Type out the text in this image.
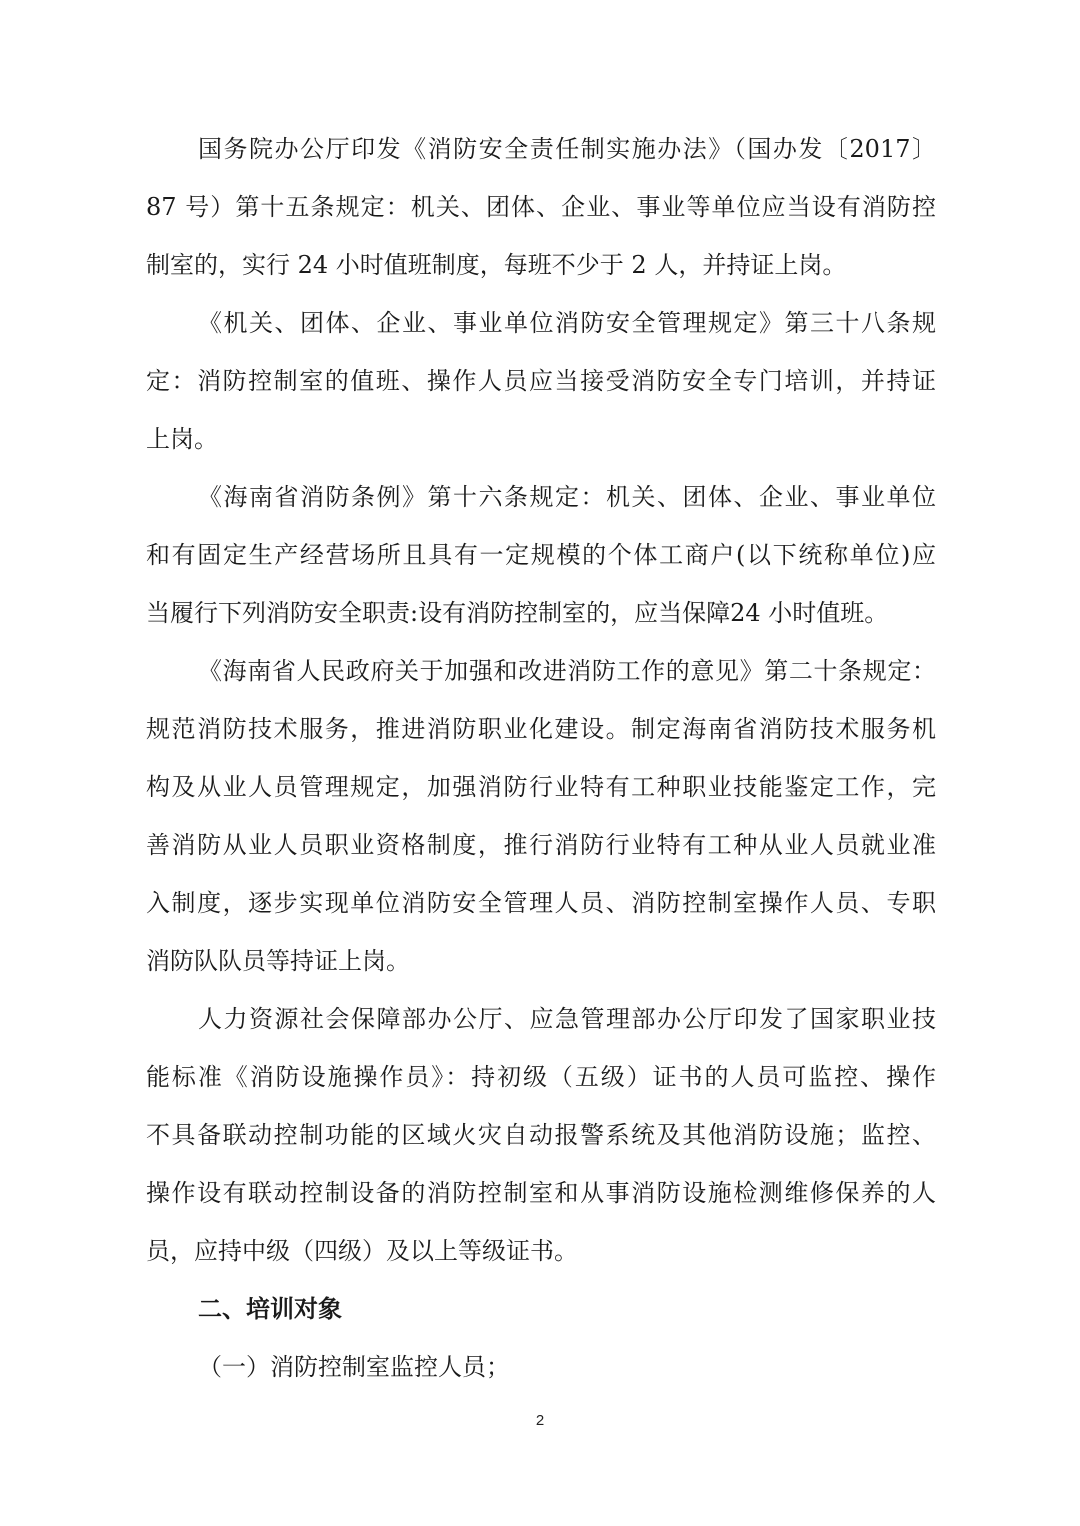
国务院办公厅印发《消防安全责任制实施办法》（国办发〔2017〕
87 号）第十五条规定：机关、团体、企业、事业等单位应当设有消防控
制室的，实行 24 小时值班制度，每班不少于 2 人，并持证上岗。
《机关、团体、企业、事业单位消防安全管理规定》第三十八条规
定：消防控制室的值班、操作人员应当接受消防安全专门培训，并持证
上岗。
《海南省消防条例》第十六条规定：机关、团体、企业、事业单位
和有固定生产经营场所且具有一定规模的个体工商户(以下统称单位)应
当履行下列消防安全职责:设有消防控制室的，应当保障24 小时值班。
《海南省人民政府关于加强和改进消防工作的意见》第二十条规定：
规范消防技术服务，推进消防职业化建设。制定海南省消防技术服务机
构及从业人员管理规定，加强消防行业特有工种职业技能鉴定工作，完
善消防从业人员职业资格制度，推行消防行业特有工种从业人员就业准
入制度，逐步实现单位消防安全管理人员、消防控制室操作人员、专职
消防队队员等持证上岗。
人力资源社会保障部办公厅、应急管理部办公厅印发了国家职业技
能标准《消防设施操作员》：持初级（五级）证书的人员可监控、操作
不具备联动控制功能的区域火灾自动报警系统及其他消防设施；监控、
操作设有联动控制设备的消防控制室和从事消防设施检测维修保养的人
员，应持中级（四级）及以上等级证书。
二、培训对象
（一）消防控制室监控人员；
2
